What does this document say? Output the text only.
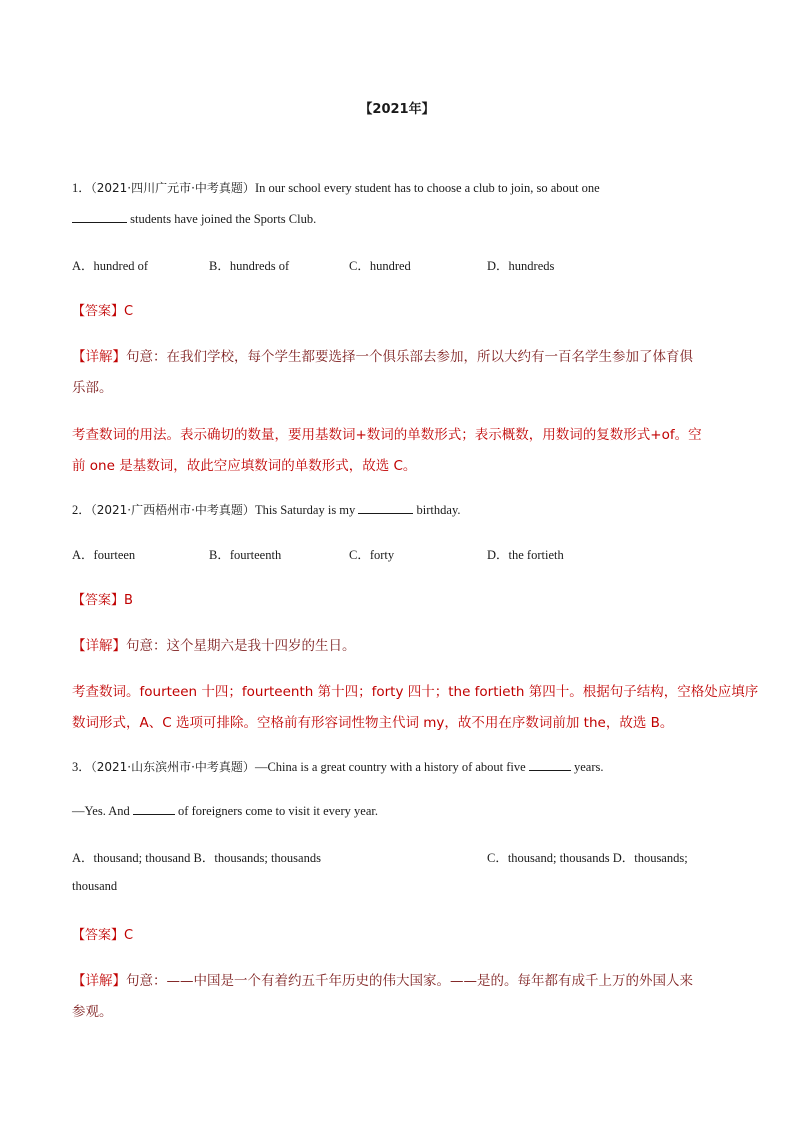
【2021年】
1．（2021·四川广元市·中考真题）In our school every student has to choose a club to join, so about one
students have joined the Sports Club.
A．hundred of	B．hundreds of	C．hundred	D．hundreds
【答案】C
【详解】句意：在我们学校，每个学生都要选择一个俱乐部去参加，所以大约有一百名学生参加了体育俱
乐部。
考查数词的用法。表示确切的数量，要用基数词+数词的单数形式；表示概数，用数词的复数形式+of。空
前 one 是基数词，故此空应填数词的单数形式，故选 C。
2．（2021·广西梧州市·中考真题）This Saturday is my	birthday.
A．fourteen	B．fourteenth	C．forty	D．the fortieth
【答案】B
【详解】句意：这个星期六是我十四岁的生日。
考查数词。fourteen 十四；fourteenth 第十四；forty 四十；the fortieth 第四十。根据句子结构，空格处应填序
数词形式，A、C 选项可排除。空格前有形容词性物主代词 my，故不用在序数词前加 the，故选 B。
3．（2021·山东滨州市·中考真题）—China is a great country with a history of about five	years.
—Yes. And	of foreigners come to visit it every year.
A．thousand; thousand B．thousands; thousands	C．thousand; thousands D．thousands;
thousand
【答案】C
【详解】句意：——中国是一个有着约五千年历史的伟大国家。——是的。每年都有成千上万的外国人来
参观。
